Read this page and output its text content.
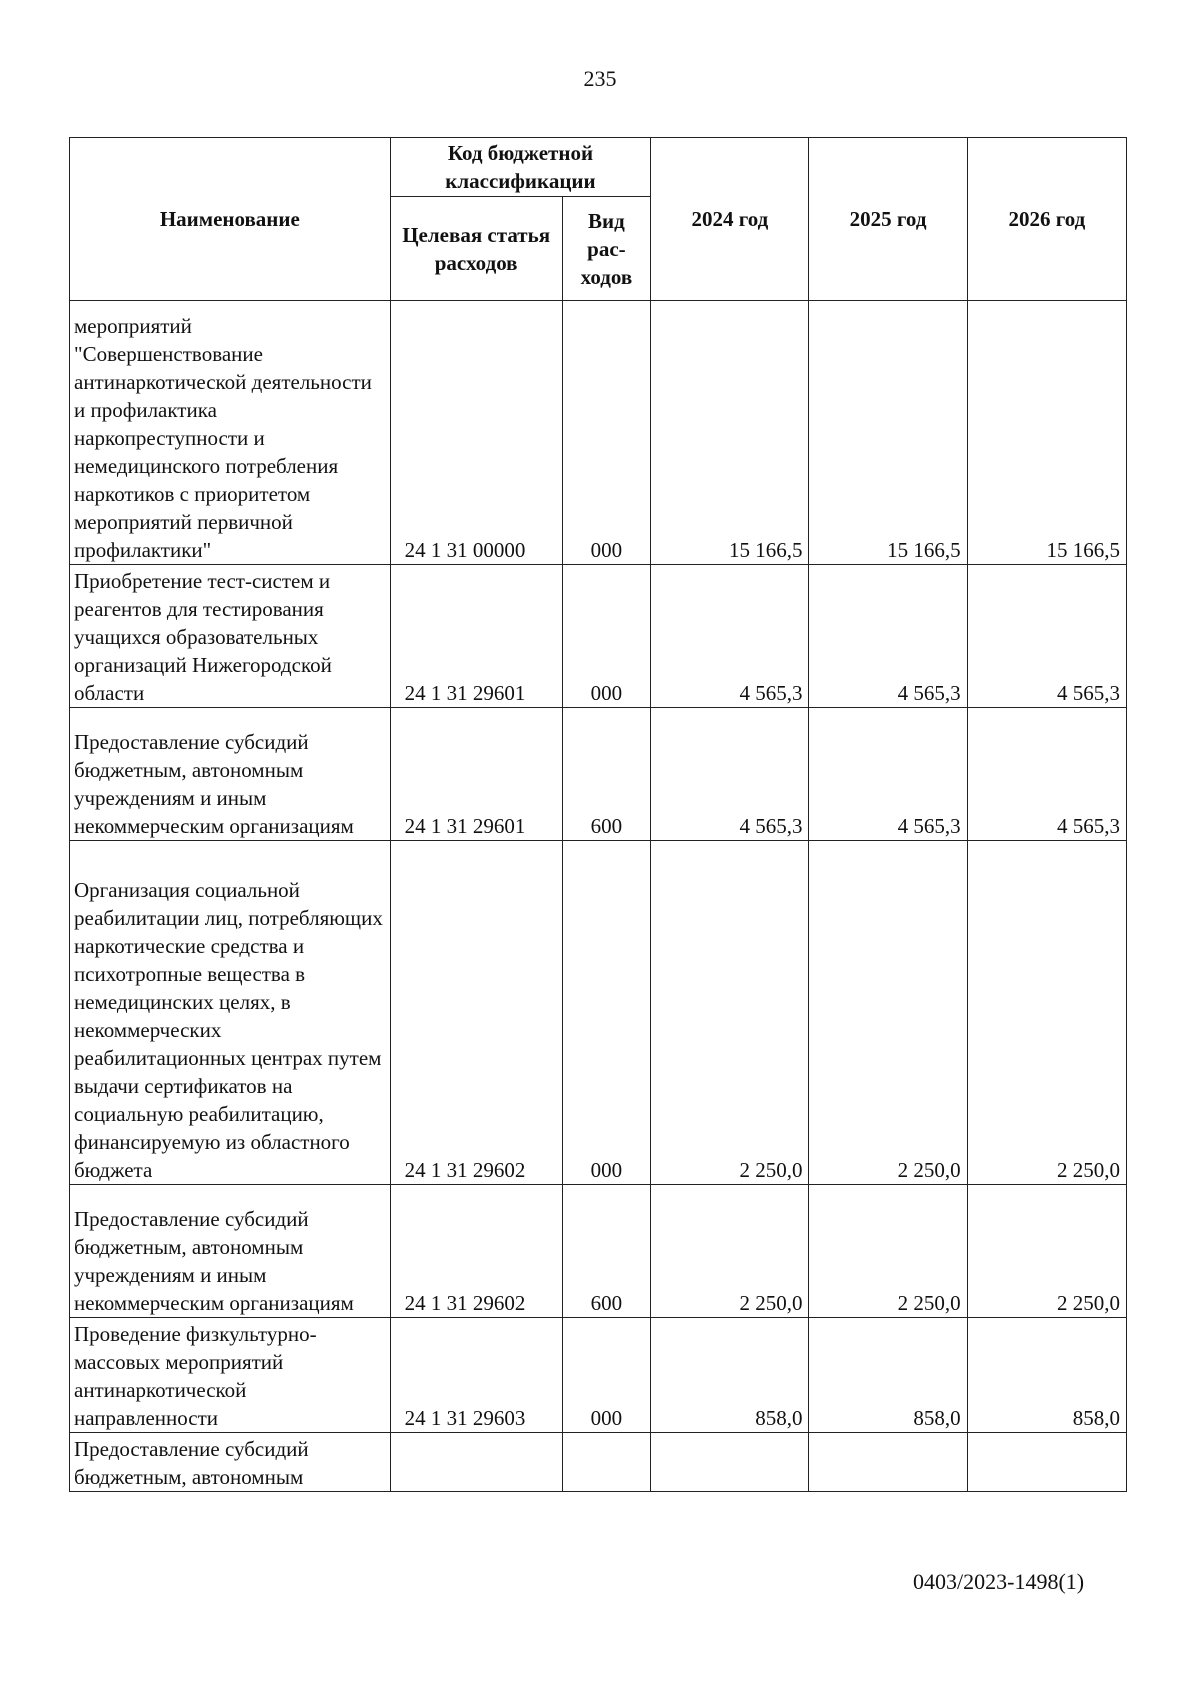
235
Наименование	Код бюджетной классификации		2024 год	2025 год	2026 год
	Целевая статья расходов	Вид рас-ходов			
мероприятий "Совершенствование антинаркотической деятельности и профилактика наркопреступности и немедицинского потребления наркотиков с приоритетом мероприятий первичной профилактики"	24 1 31 00000	000	15 166,5	15 166,5	15 166,5
Приобретение тест-систем и реагентов для тестирования учащихся образовательных организаций Нижегородской области	24 1 31 29601	000	4 565,3	4 565,3	4 565,3
Предоставление субсидий бюджетным, автономным учреждениям и иным некоммерческим организациям	24 1 31 29601	600	4 565,3	4 565,3	4 565,3
Организация социальной реабилитации лиц, потребляющих наркотические средства и психотропные вещества в немедицинских целях, в некоммерческих реабилитационных центрах путем выдачи сертификатов на социальную реабилитацию, финансируемую из областного бюджета	24 1 31 29602	000	2 250,0	2 250,0	2 250,0
Предоставление субсидий бюджетным, автономным учреждениям и иным некоммерческим организациям	24 1 31 29602	600	2 250,0	2 250,0	2 250,0
Проведение физкультурно-массовых мероприятий антинаркотической направленности	24 1 31 29603	000	858,0	858,0	858,0
Предоставление субсидий бюджетным, автономным					
0403/2023-1498(1)
